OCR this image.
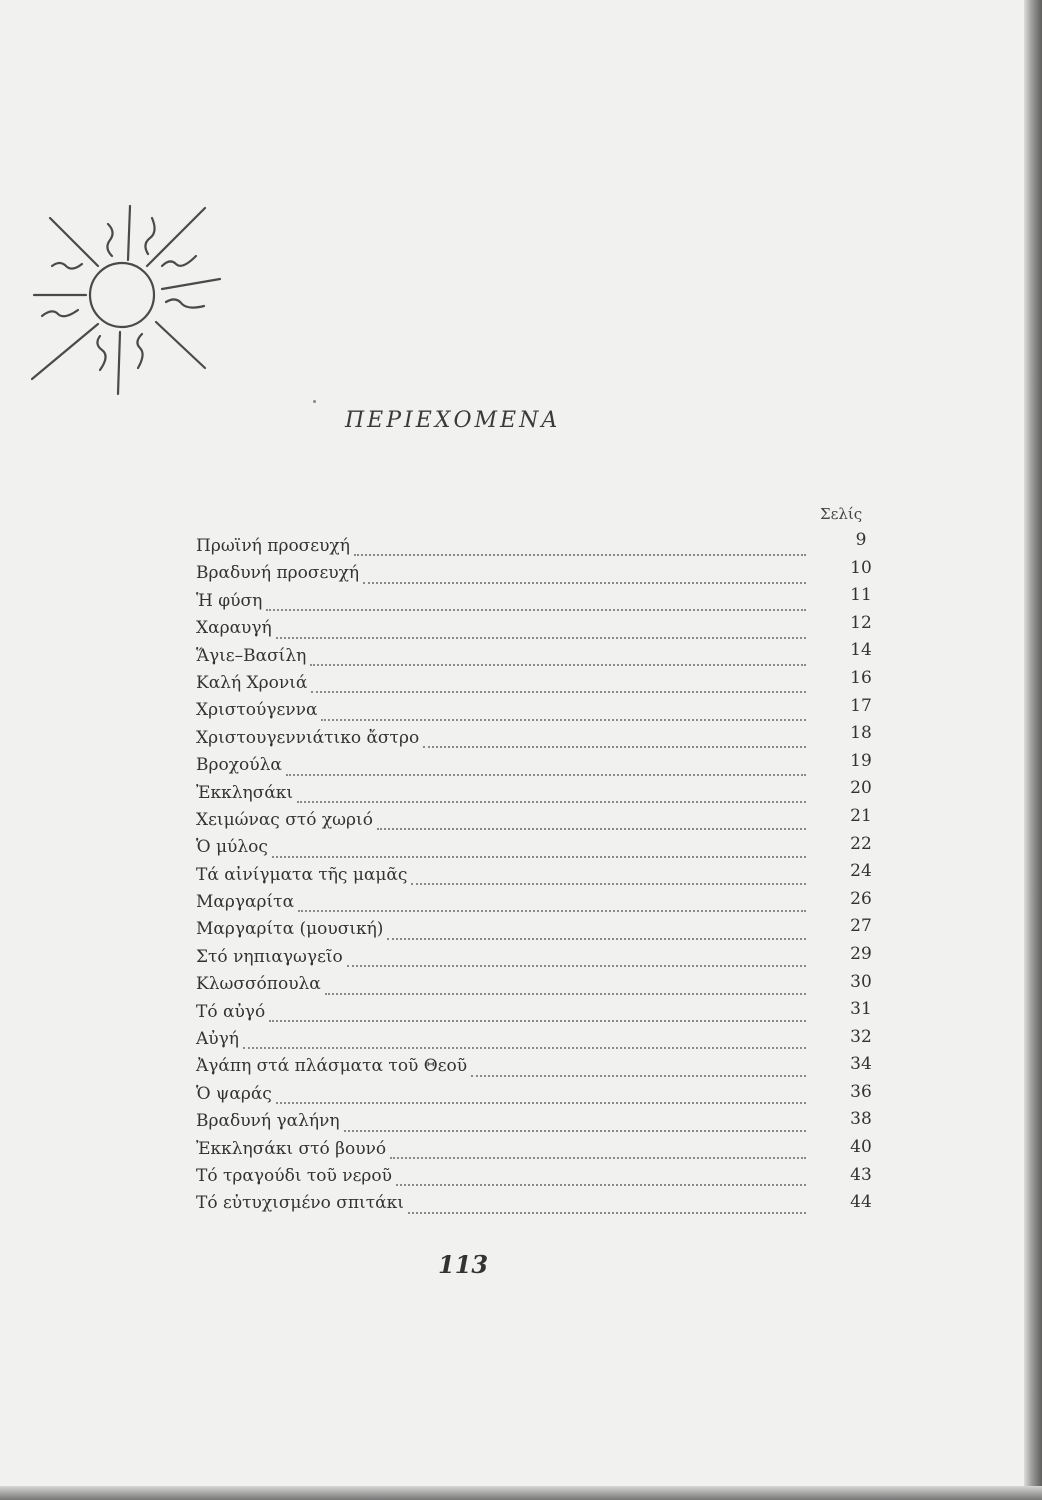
ΠΕΡΙΕΧΟΜΕΝΑ
Σελίς
Πρωϊνή προσευχή
Βραδυνή προσευχή
Ἡ φύση
Χαραυγή
Ἅγιε–Βασίλη
Καλή Χρονιά
Χριστούγεννα
Χριστουγεννιάτικο ἄστρο
Βροχούλα
Ἐκκλησάκι
Χειμώνας στό χωριό
Ὁ μύλος
Τά αἰνίγματα τῆς μαμᾶς
Μαργαρίτα
Μαργαρίτα (μουσική)
Στό νηπιαγωγεῖο
Κλωσσόπουλα
Τό αὐγό
Αὐγή
Ἀγάπη στά πλάσματα τοῦ Θεοῦ
Ὁ ψαράς
Βραδυνή γαλήνη
Ἐκκλησάκι στό βουνό
Τό τραγούδι τοῦ νεροῦ
Τό εὐτυχισμένο σπιτάκι
9
10
11
12
14
16
17
18
19
20
21
22
24
26
27
29
30
31
32
34
36
38
40
43
44
113
